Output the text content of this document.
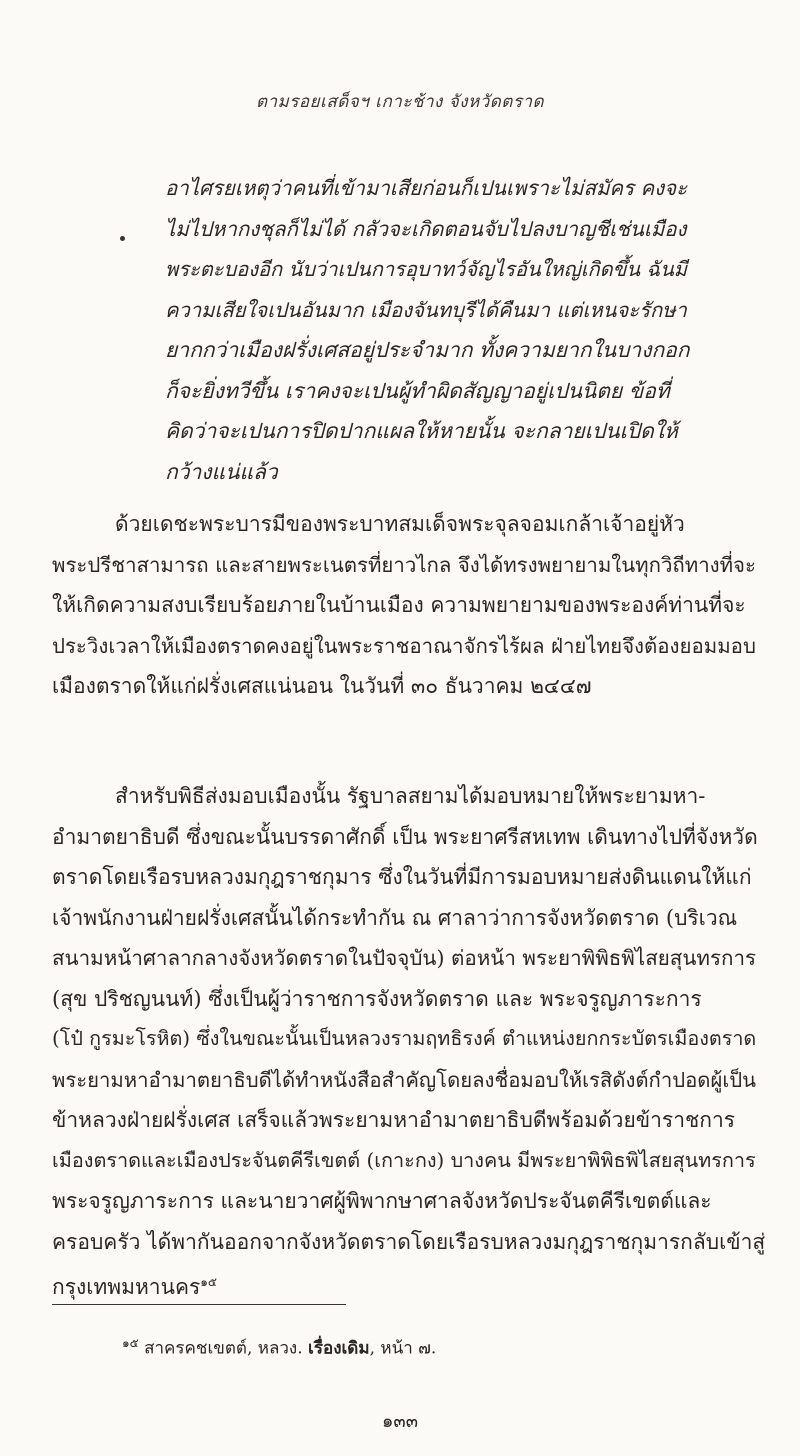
ตามรอยเสด็จฯ เกาะช้าง จังหวัดตราด
อาไศรยเหตุว่าคนที่เข้ามาเสียก่อนก็เปนเพราะไม่สมัคร คงจะ
ไม่ไปหากงชุลก็ไม่ได้ กลัวจะเกิดตอนจับไปลงบาญชีเช่นเมือง
พระตะบองอีก นับว่าเปนการอุบาทว์จัญไรอันใหญ่เกิดขึ้น ฉันมี
ความเสียใจเปนอันมาก เมืองจันทบุรีได้คืนมา แต่เหนจะรักษา
ยากกว่าเมืองฝรั่งเศสอยู่ประจำมาก ทั้งความยากในบางกอก
ก็จะยิ่งทวีขึ้น เราคงจะเปนผู้ทำผิดสัญญาอยู่เปนนิตย ข้อที่
คิดว่าจะเปนการปิดปากแผลให้หายนั้น จะกลายเปนเปิดให้
กว้างแน่แล้ว
ด้วยเดชะพระบารมีของพระบาทสมเด็จพระจุลจอมเกล้าเจ้าอยู่หัว
พระปรีชาสามารถ และสายพระเนตรที่ยาวไกล จึงได้ทรงพยายามในทุกวิถีทางที่จะ
ให้เกิดความสงบเรียบร้อยภายในบ้านเมือง ความพยายามของพระองค์ท่านที่จะ
ประวิงเวลาให้เมืองตราดคงอยู่ในพระราชอาณาจักรไร้ผล ฝ่ายไทยจึงต้องยอมมอบ
เมืองตราดให้แก่ฝรั่งเศสแน่นอน ในวันที่ ๓๐ ธันวาคม ๒๔๔๗
สำหรับพิธีส่งมอบเมืองนั้น รัฐบาลสยามได้มอบหมายให้พระยามหา-
อำมาตยาธิบดี ซึ่งขณะนั้นบรรดาศักดิ์ เป็น พระยาศรีสหเทพ เดินทางไปที่จังหวัด
ตราดโดยเรือรบหลวงมกุฎราชกุมาร ซึ่งในวันที่มีการมอบหมายส่งดินแดนให้แก่
เจ้าพนักงานฝ่ายฝรั่งเศสนั้นได้กระทำกัน ณ ศาลาว่าการจังหวัดตราด (บริเวณ
สนามหน้าศาลากลางจังหวัดตราดในปัจจุบัน) ต่อหน้า พระยาพิพิธพิไสยสุนทรการ
(สุข ปริชญนนท์) ซึ่งเป็นผู้ว่าราชการจังหวัดตราด และ พระจรูญภาระการ
(โป๋ กูรมะโรหิต) ซึ่งในขณะนั้นเป็นหลวงรามฤทธิรงค์ ตำแหน่งยกกระบัตรเมืองตราด
พระยามหาอำมาตยาธิบดีได้ทำหนังสือสำคัญโดยลงชื่อมอบให้เรสิดังต์กำปอดผู้เป็น
ข้าหลวงฝ่ายฝรั่งเศส เสร็จแล้วพระยามหาอำมาตยาธิบดีพร้อมด้วยข้าราชการ
เมืองตราดและเมืองประจันตคีรีเขตต์ (เกาะกง) บางคน มีพระยาพิพิธพิไสยสุนทรการ
พระจรูญภาระการ และนายวาศผู้พิพากษาศาลจังหวัดประจันตคีรีเขตต์และ
ครอบครัว ได้พากันออกจากจังหวัดตราดโดยเรือรบหลวงมกุฎราชกุมารกลับเข้าสู่
กรุงเทพมหานคร$^{๑๕}$
$^{๑๕}$ สาครคชเขตต์, หลวง. เรื่องเดิม, หน้า ๗.
๑๓๓
